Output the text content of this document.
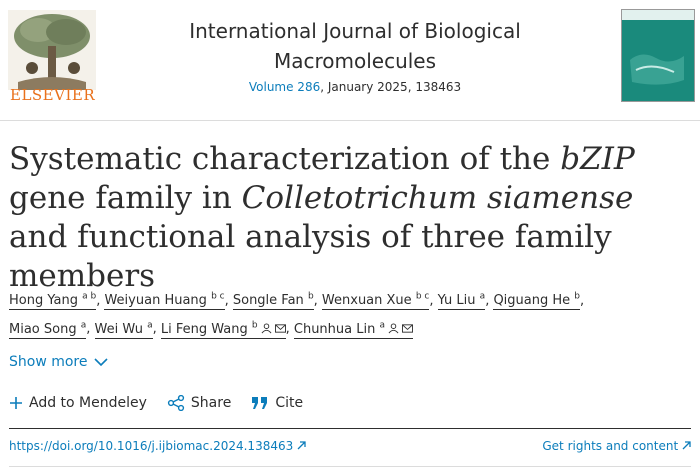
ELSEVIER
International Journal of Biological
Macromolecules
Volume 286, January 2025, 138463
Systematic characterization of the bZIP gene family in Colletotrichum siamense and functional analysis of three family members
Hong Yang $^{a b}$, Weiyuan Huang $^{b c}$, Songle Fan $^b$, Wenxuan Xue $^{b c}$, Yu Liu $^a$, Qiguang He $^b$,
Miao Song $^a$, Wei Wu $^a$, Li Feng Wang $^b$ , Chunhua Lin $^a$
Show more
Add to Mendeley	Share	Cite
https://doi.org/10.1016/j.ijbiomac.2024.138463	Get rights and content
